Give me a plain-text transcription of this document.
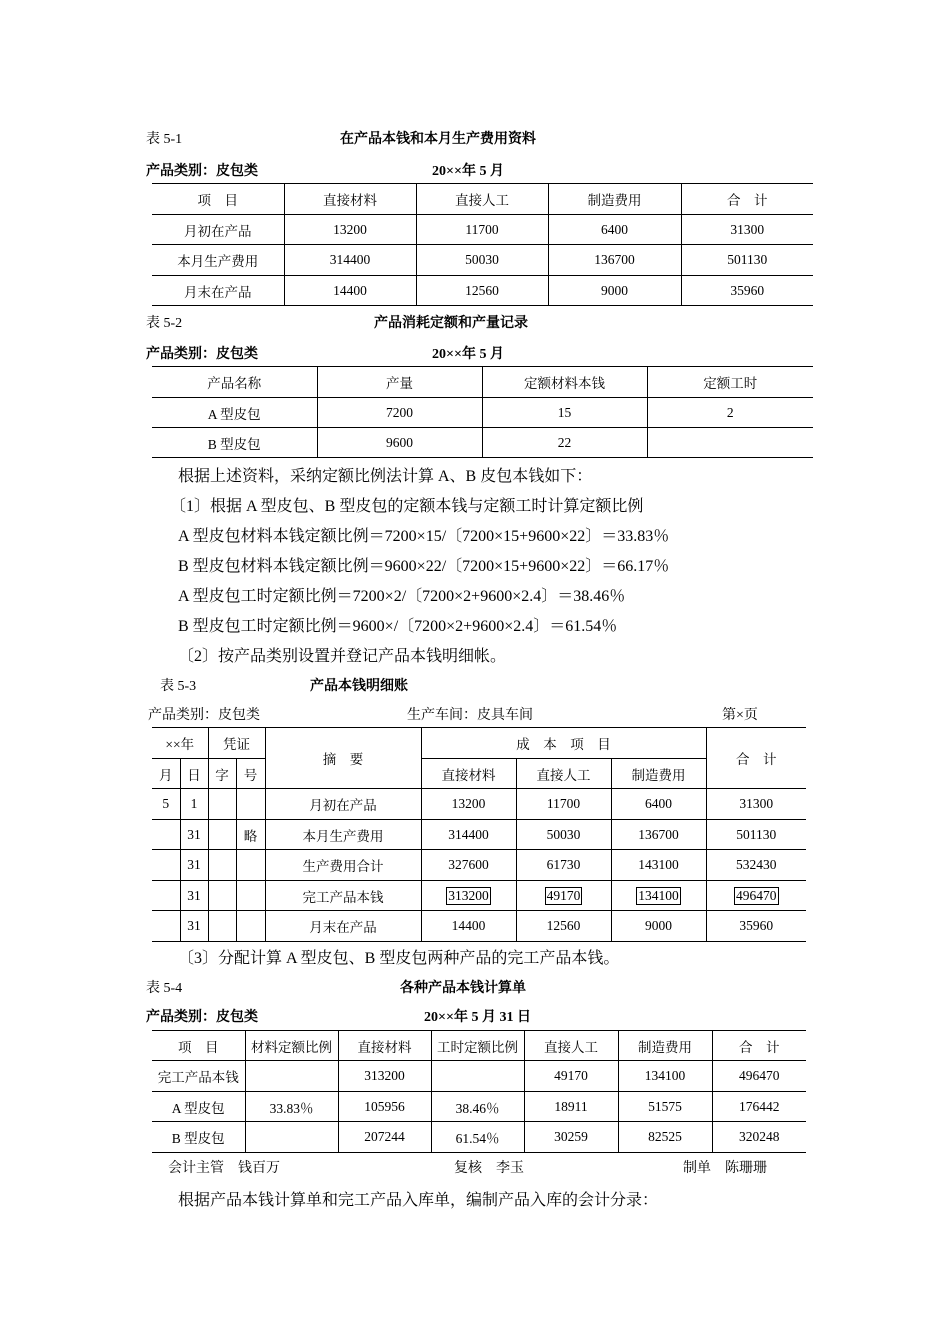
表 5-1	在产品本钱和本月生产费用资料
产品类别：皮包类	20××年 5 月
项　目	直接材料	直接人工	制造费用	合　计
月初在产品	13200	11700	6400	31300
本月生产费用	314400	50030	136700	501130
月末在产品	14400	12560	9000	35960
表 5-2	产品消耗定额和产量记录
产品类别：皮包类	20××年 5 月
产品名称	产量	定额材料本钱	定额工时
A 型皮包	7200	15	2
B 型皮包	9600	22	
根据上述资料，采纳定额比例法计算 A、B 皮包本钱如下：
〔1〕根据 A 型皮包、B 型皮包的定额本钱与定额工时计算定额比例
A 型皮包材料本钱定额比例＝7200×15/〔7200×15+9600×22〕＝33.83％
B 型皮包材料本钱定额比例＝9600×22/〔7200×15+9600×22〕＝66.17％
A 型皮包工时定额比例＝7200×2/〔7200×2+9600×2.4〕＝38.46％
B 型皮包工时定额比例＝9600×/〔7200×2+9600×2.4〕＝61.54％
〔2〕按产品类别设置并登记产品本钱明细帐。
表 5-3	产品本钱明细账
产品类别：皮包类	生产车间：皮具车间	第×页
××年		凭证		摘　要	成　本　项　目			合　计
月	日	字	号		直接材料	直接人工	制造费用	
5	1			月初在产品	13200	11700	6400	31300
	31		略	本月生产费用	314400	50030	136700	501130
	31			生产费用合计	327600	61730	143100	532430
	31			完工产品本钱	313200	49170	134100	496470
	31			月末在产品	14400	12560	9000	35960
〔3〕分配计算 A 型皮包、B 型皮包两种产品的完工产品本钱。
表 5-4	各种产品本钱计算单
产品类别：皮包类	20××年 5 月 31 日
项　目	材料定额比例	直接材料	工时定额比例	直接人工	制造费用	合　计
完工产品本钱		313200		49170	134100	496470
A 型皮包	33.83％	105956	38.46％	18911	51575	176442
B 型皮包		207244	61.54％	30259	82525	320248
会计主管　钱百万	复核　李玉	制单　陈珊珊
根据产品本钱计算单和完工产品入库单，编制产品入库的会计分录：
